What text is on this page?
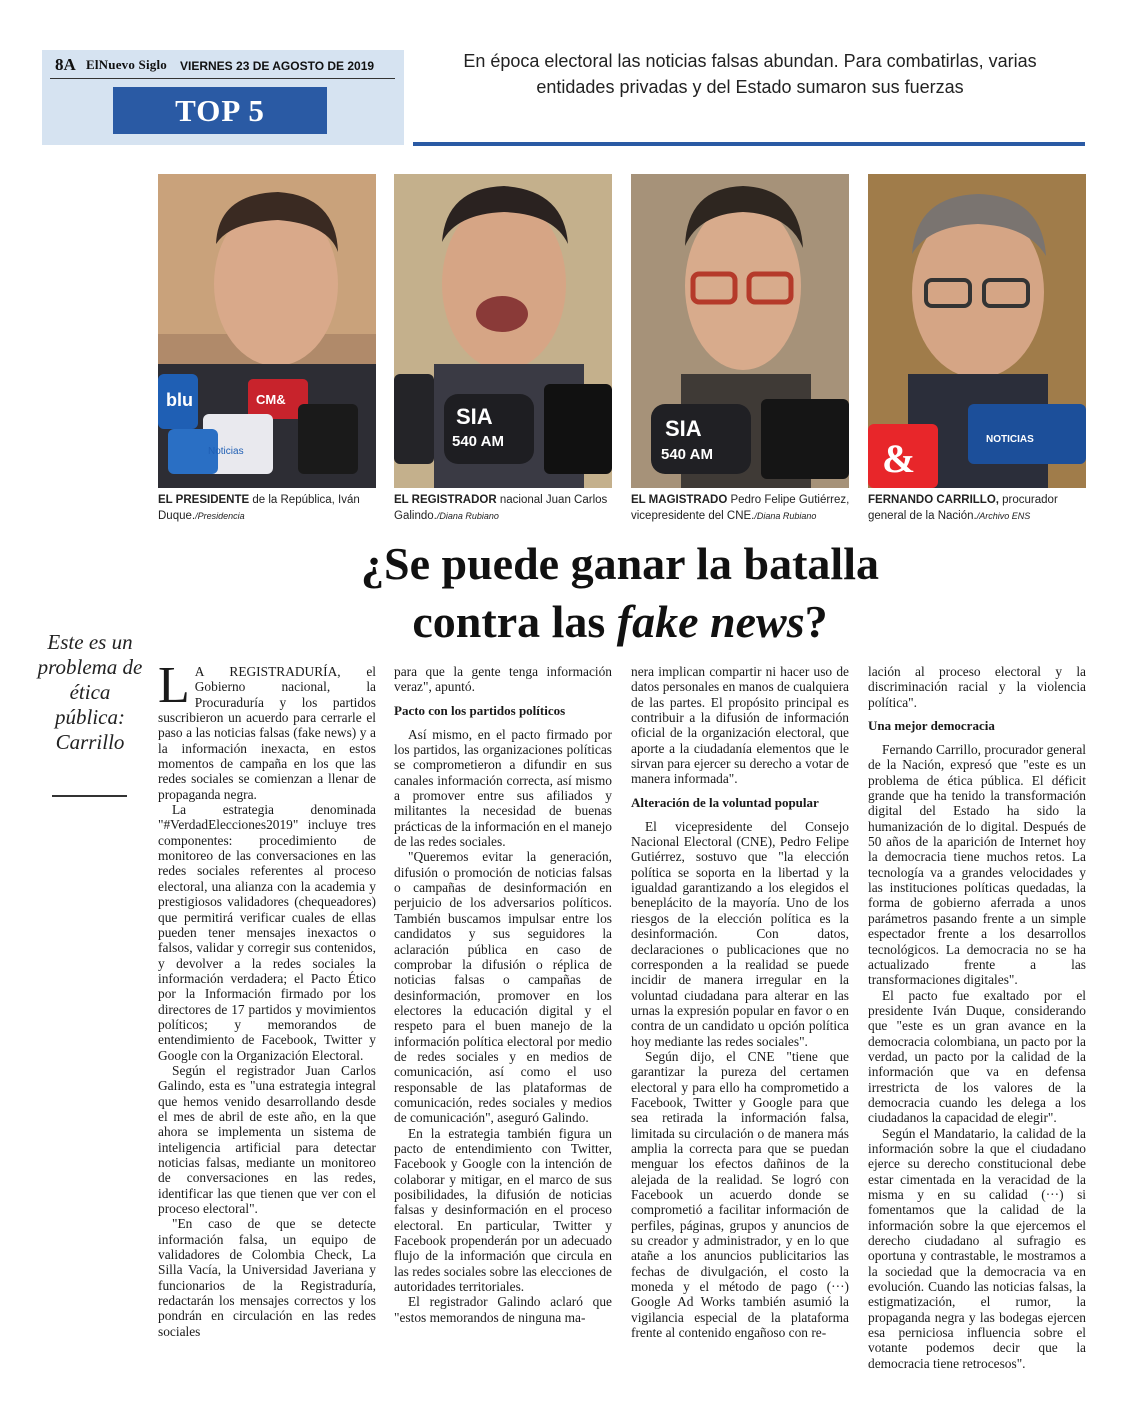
8A ElNuevo Siglo VIERNES 23 DE AGOSTO DE 2019
TOP 5
En época electoral las noticias falsas abundan. Para combatirlas, varias entidades privadas y del Estado sumaron sus fuerzas
blu	CM&
Noticias
SIA
540 AM
SIA
540 AM	&	NOTICIAS
EL PRESIDENTE de la República, Iván Duque./Presidencia
EL REGISTRADOR nacional Juan Carlos Galindo./Diana Rubiano
EL MAGISTRADO Pedro Felipe Gutiérrez, vicepresidente del CNE./Diana Rubiano
FERNANDO CARRILLO, procurador general de la Nación./Archivo ENS
¿Se puede ganar la batalla
contra las fake news?
Este es un problema de ética pública: Carrillo

L A REGISTRADURÍA, el Gobierno nacional, la Procuraduría y los partidos suscribieron un acuerdo para cerrarle el paso a las noticias falsas (fake news) y a la información inexacta, en estos momentos de campaña en los que las redes sociales se comienzan a llenar de propaganda negra.

La estrategia denominada "#VerdadElecciones2019" incluye tres componentes: procedimiento de monitoreo de las conversaciones en las redes sociales referentes al proceso electoral, una alianza con la academia y prestigiosos validadores (chequeadores) que permitirá verificar cuales de ellas pueden tener mensajes inexactos o falsos, validar y corregir sus contenidos, y devolver a la redes sociales la información verdadera; el Pacto Ético por la Información firmado por los directores de 17 partidos y movimientos políticos; y memorandos de entendimiento de Facebook, Twitter y Google con la Organización Electoral.

Según el registrador Juan Carlos Galindo, esta es "una estrategia integral que hemos venido desarrollando desde el mes de abril de este año, en la que ahora se implementa un sistema de inteligencia artificial para detectar noticias falsas, mediante un monitoreo de conversaciones en las redes, identificar las que tienen que ver con el proceso electoral".

"En caso de que se detecte información falsa, un equipo de validadores de Colombia Check, La Silla Vacía, la Universidad Javeriana y funcionarios de la Registraduría, redactarán los mensajes correctos y los pondrán en circulación en las redes sociales

para que la gente tenga información veraz", apuntó.

Pacto con los partidos políticos

Así mismo, en el pacto firmado por los partidos, las organizaciones políticas se comprometieron a difundir en sus canales información correcta, así mismo a promover entre sus afiliados y militantes la necesidad de buenas prácticas de la información en el manejo de las redes sociales.

"Queremos evitar la generación, difusión o promoción de noticias falsas o campañas de desinformación en perjuicio de los adversarios políticos. También buscamos impulsar entre los candidatos y sus seguidores la aclaración pública en caso de comprobar la difusión o réplica de noticias falsas o campañas de desinformación, promover en los electores la educación digital y el respeto para el buen manejo de la información política electoral por medio de redes sociales y en medios de comunicación, así como el uso responsable de las plataformas de comunicación, redes sociales y medios de comunicación", aseguró Galindo.

En la estrategia también figura un pacto de entendimiento con Twitter, Facebook y Google con la intención de colaborar y mitigar, en el marco de sus posibilidades, la difusión de noticias falsas y desinformación en el proceso electoral. En particular, Twitter y Facebook propenderán por un adecuado flujo de la información que circula en las redes sociales sobre las elecciones de autoridades territoriales.

El registrador Galindo aclaró que "estos memorandos de ninguna ma-

nera implican compartir ni hacer uso de datos personales en manos de cualquiera de las partes. El propósito principal es contribuir a la difusión de información oficial de la organización electoral, que aporte a la ciudadanía elementos que le sirvan para ejercer su derecho a votar de manera informada".

Alteración de la voluntad popular

El vicepresidente del Consejo Nacional Electoral (CNE), Pedro Felipe Gutiérrez, sostuvo que "la elección política se soporta en la libertad y la igualdad garantizando a los elegidos el beneplácito de la mayoría. Uno de los riesgos de la elección política es la desinformación. Con datos, declaraciones o publicaciones que no corresponden a la realidad se puede incidir de manera irregular en la voluntad ciudadana para alterar en las urnas la expresión popular en favor o en contra de un candidato u opción política hoy mediante las redes sociales".

Según dijo, el CNE "tiene que garantizar la pureza del certamen electoral y para ello ha comprometido a Facebook, Twitter y Google para que sea retirada la información falsa, limitada su circulación o de manera más amplia la correcta para que se puedan menguar los efectos dañinos de la alejada de la realidad. Se logró con Facebook un acuerdo donde se comprometió a facilitar información de perfiles, páginas, grupos y anuncios de su creador y administrador, y en lo que atañe a los anuncios publicitarios las fechas de divulgación, el costo la moneda y el método de pago (···) Google Ad Works también asumió la vigilancia especial de la plataforma frente al contenido engañoso con re-

lación al proceso electoral y la discriminación racial y la violencia política".

Una mejor democracia

Fernando Carrillo, procurador general de la Nación, expresó que "este es un problema de ética pública. El déficit grande que ha tenido la transformación digital del Estado ha sido la humanización de lo digital. Después de 50 años de la aparición de Internet hoy la democracia tiene muchos retos. La tecnología va a grandes velocidades y las instituciones políticas quedadas, la forma de gobierno aferrada a unos parámetros pasando frente a un simple espectador frente a los desarrollos tecnológicos. La democracia no se ha actualizado frente a las transformaciones digitales".

El pacto fue exaltado por el presidente Iván Duque, considerando que "este es un gran avance en la democracia colombiana, un pacto por la verdad, un pacto por la calidad de la información que va en defensa irrestricta de los valores de la democracia cuando les delega a los ciudadanos la capacidad de elegir".

Según el Mandatario, la calidad de la información sobre la que el ciudadano ejerce su derecho constitucional debe estar cimentada en la veracidad de la misma y en su calidad (···) si fomentamos que la calidad de la información sobre la que ejercemos el derecho ciudadano al sufragio es oportuna y contrastable, le mostramos a la sociedad que la democracia va en evolución. Cuando las noticias falsas, la estigmatización, el rumor, la propaganda negra y las bodegas ejercen esa perniciosa influencia sobre el votante podemos decir que la democracia tiene retrocesos".
